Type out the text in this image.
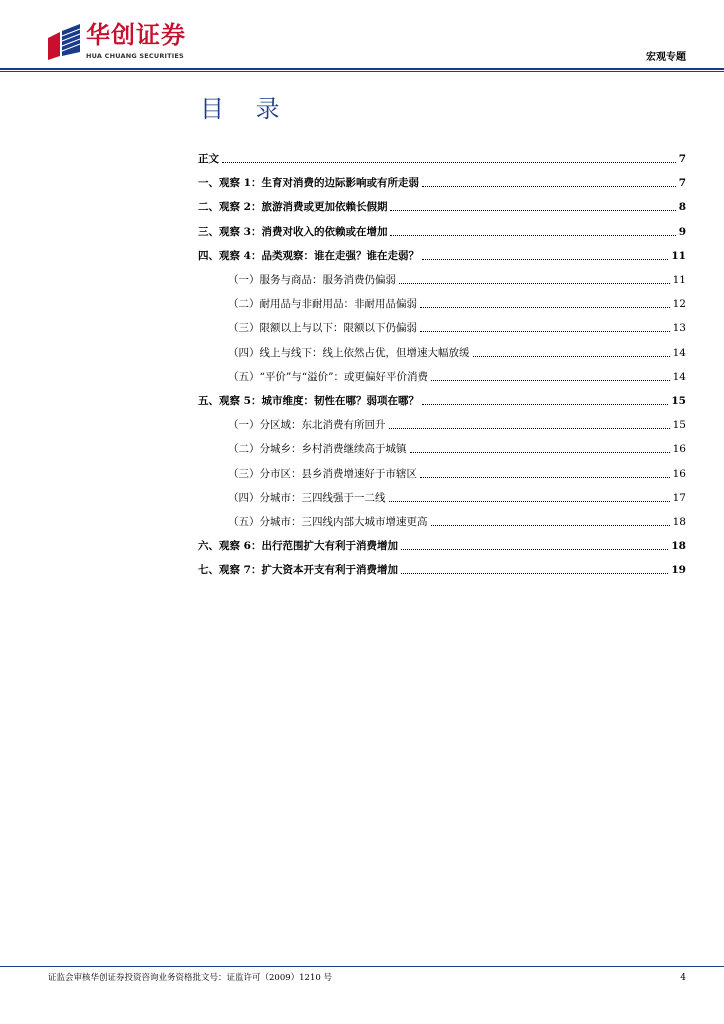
华创证券
HUA CHUANG SECURITIES	宏观专题
目 录
正文	7
一、观察 1：生育对消费的边际影响或有所走弱	7
二、观察 2：旅游消费或更加依赖长假期	8
三、观察 3：消费对收入的依赖或在增加	9
四、观察 4：品类观察：谁在走强？谁在走弱？	11
（一）服务与商品：服务消费仍偏弱	11
（二）耐用品与非耐用品：非耐用品偏弱	12
（三）限额以上与以下：限额以下仍偏弱	13
（四）线上与线下：线上依然占优，但增速大幅放缓	14
（五）“平价”与“溢价”：或更偏好平价消费	14
五、观察 5：城市维度：韧性在哪？弱项在哪？	15
（一）分区域：东北消费有所回升	15
（二）分城乡：乡村消费继续高于城镇	16
（三）分市区：县乡消费增速好于市辖区	16
（四）分城市：三四线强于一二线	17
（五）分城市：三四线内部大城市增速更高	18
六、观察 6：出行范围扩大有利于消费增加	18
七、观察 7：扩大资本开支有利于消费增加	19
证监会审核华创证券投资咨询业务资格批文号：证监许可（2009）1210 号	4
